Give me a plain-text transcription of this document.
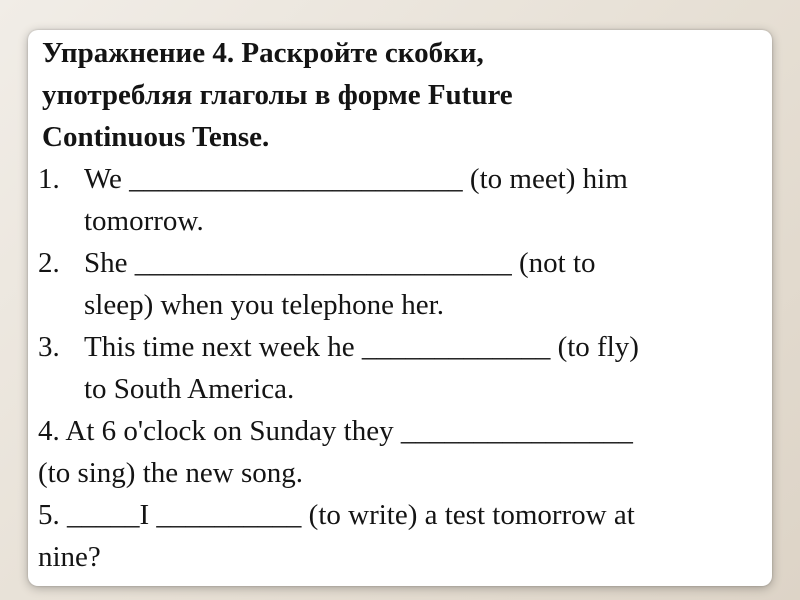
Упражнение 4. Раскройте скобки,
употребляя глаголы в форме Future
Continuous Tense.
1. We _______________________ (to meet) him
tomorrow.
2. She __________________________ (not to
sleep) when you telephone her.
3. This time next week he _____________ (to fly)
to South America.
4. At 6 o'clock on Sunday they ________________
(to sing) the new song.
5. _____I __________ (to write) a test tomorrow at
nine?
